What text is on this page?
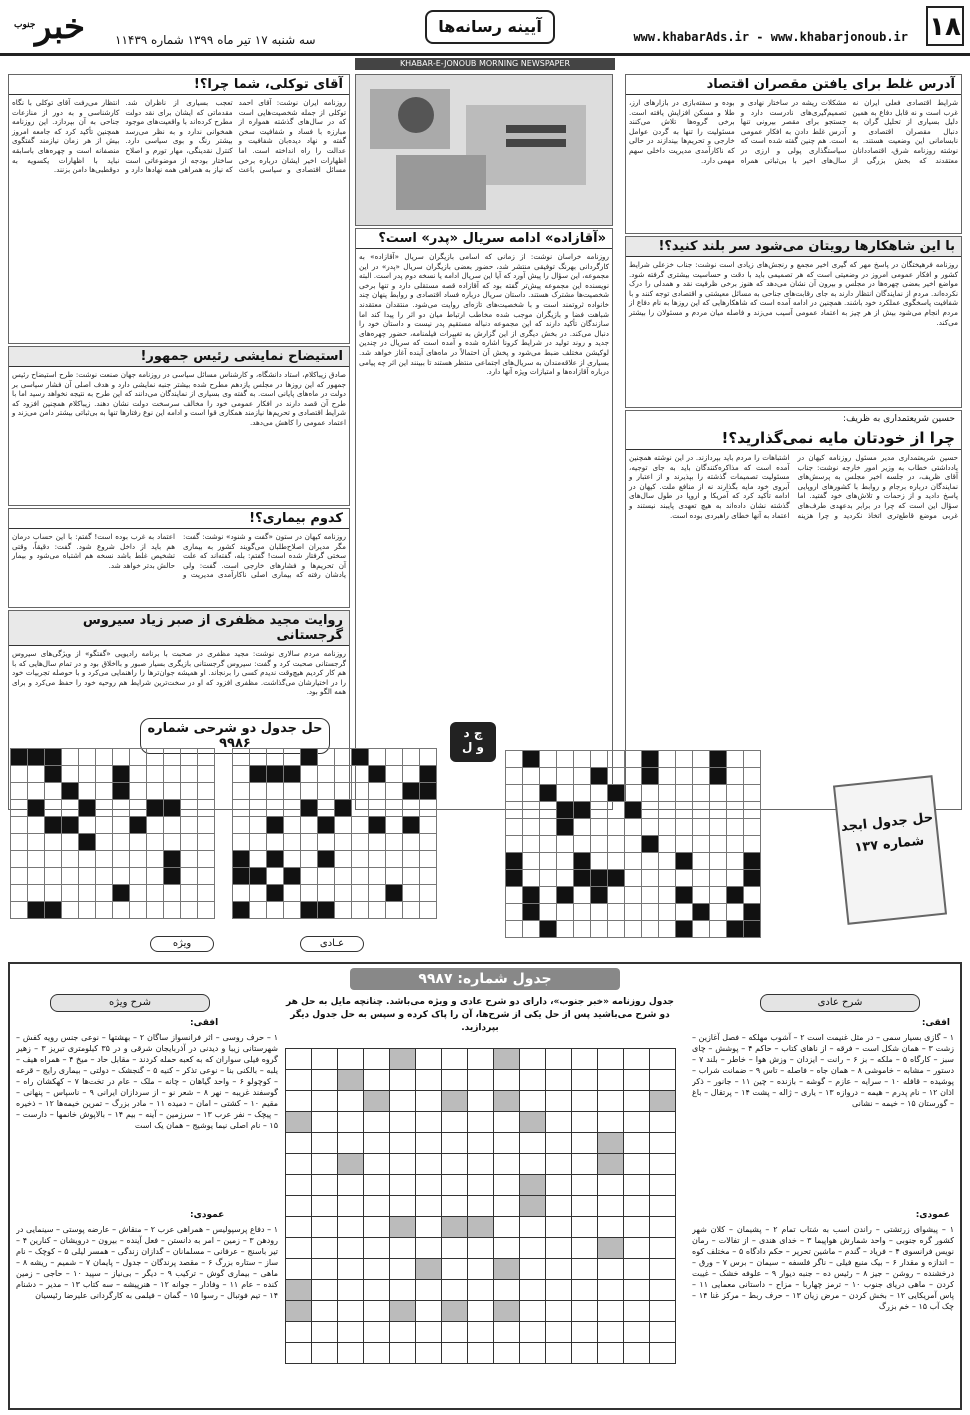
۱۸
www.khabarAds.ir - www.khabarjonoub.ir
آیینه رسانه‌ها
سه شنبه ۱۷ تیر ماه ۱۳۹۹ شماره ۱۱۴۳۹
خبر
جنوب
KHABAR-E-JONOUB MORNING NEWSPAPER
آدرس غلط برای یافتن مقصران اقتصاد
شرایط اقتصادی فعلی ایران نه غرب است و نه قابل دفاع به همین دلیل بسیاری از تحلیل گران به دنبال مقصران اقتصادی و نابسامانی این وضعیت هستند. به نوشته روزنامه شرق، اقتصاددانان معتقدند که بخش بزرگی از مشکلات ریشه در ساختار نهادی و تصمیم‌گیری‌های نادرست دارد و جستجو برای مقصر بیرونی تنها آدرس غلط دادن به افکار عمومی است. هم چنین گفته شده است که سیاستگذاری پولی و ارزی در سال‌های اخیر با بی‌ثباتی همراه بوده و سفته‌بازی در بازارهای ارز، طلا و مسکن افزایش یافته است. برخی گروه‌ها تلاش می‌کنند مسئولیت را تنها به گردن عوامل خارجی و تحریم‌ها بیندازند در حالی که ناکارآمدی مدیریت داخلی سهم مهمی دارد.
با این شاهکارها رویتان می‌شود سر بلند کنید؟!
روزنامه فرهیختگان در پاسخ مهر که گیری اخیر مجمع و رنجش‌های زیادی است نوشت: جناب خزعلی شرایط کشور و افکار عمومی امروز در وضعیتی است که هر تصمیمی باید با دقت و حساسیت بیشتری گرفته شود. مواضع اخیر بعضی چهره‌ها در مجلس و بیرون آن نشان می‌دهد که هنوز برخی ظرفیت نقد و همدلی را درک نکرده‌اند. مردم از نمایندگان انتظار دارند به جای رقابت‌های جناحی به مسائل معیشتی و اقتصادی توجه کنند و با شفافیت پاسخگوی عملکرد خود باشند. همچنین در ادامه آمده است که شاهکارهایی که این روزها به نام دفاع از مردم انجام می‌شود بیش از هر چیز به اعتماد عمومی آسیب می‌زند و فاصله میان مردم و مسئولان را بیشتر می‌کند.
حسین شریعتمداری به ظریف:
چرا از خودتان مایه نمی‌گذارید؟!
حسین شریعتمداری مدیر مسئول روزنامه کیهان در یادداشتی خطاب به وزیر امور خارجه نوشت: جناب آقای ظریف، در جلسه اخیر مجلس به پرسش‌های نمایندگان درباره برجام و روابط با کشورهای اروپایی پاسخ دادید و از زحمات و تلاش‌های خود گفتید. اما سؤال این است که چرا در برابر بدعهدی طرف‌های غربی موضع قاطع‌تری اتخاذ نکردید و چرا هزینه اشتباهات را مردم باید بپردازند. در این نوشته همچنین آمده است که مذاکره‌کنندگان باید به جای توجیه، مسئولیت تصمیمات گذشته را بپذیرند و از اعتبار و آبروی خود مایه بگذارند نه از منافع ملت. کیهان در ادامه تأکید کرد که آمریکا و اروپا در طول سال‌های گذشته نشان داده‌اند به هیچ تعهدی پایبند نیستند و اعتماد به آنها خطای راهبردی بوده است.
«آقازاده» ادامه سریال «پدر» است؟
روزنامه خراسان نوشت: از زمانی که اسامی بازیگران سریال «آقازاده» به کارگردانی بهرنگ توفیقی منتشر شد، حضور بعضی بازیگران سریال «پدر» در این مجموعه، این سؤال را پیش آورد که آیا این سریال ادامه یا نسخه دوم پدر است. البته نویسنده این مجموعه پیش‌تر گفته بود که آقازاده قصه مستقلی دارد و تنها برخی شخصیت‌ها مشترک هستند. داستان سریال درباره فساد اقتصادی و روابط پنهان چند خانواده ثروتمند است و با شخصیت‌های تازه‌ای روایت می‌شود. منتقدان معتقدند شباهت فضا و بازیگران موجب شده مخاطب ارتباط میان دو اثر را پیدا کند اما سازندگان تأکید دارند که این مجموعه دنباله مستقیم پدر نیست و داستان خود را دنبال می‌کند. در بخش دیگری از این گزارش به تغییرات فیلمنامه، حضور چهره‌های جدید و روند تولید در شرایط کرونا اشاره شده و آمده است که سریال در چندین لوکیشن مختلف ضبط می‌شود و پخش آن احتمالاً در ماه‌های آینده آغاز خواهد شد. بسیاری از علاقه‌مندان به سریال‌های اجتماعی منتظر هستند تا ببینند این اثر چه پیامی درباره آقازاده‌ها و امتیازات ویژه آنها دارد.
آقای توکلی، شما چرا؟!
روزنامه ایران نوشت: آقای احمد توکلی از جمله شخصیت‌هایی است که در سال‌های گذشته همواره از مبارزه با فساد و شفافیت سخن گفته و نهاد دیده‌بان شفافیت و عدالت را راه انداخته است. اما اظهارات اخیر ایشان درباره برخی مسائل اقتصادی و سیاسی باعث تعجب بسیاری از ناظران شد. مقدماتی که ایشان برای نقد دولت مطرح کرده‌اند با واقعیت‌های موجود همخوانی ندارد و به نظر می‌رسد بیشتر رنگ و بوی سیاسی دارد. کنترل نقدینگی، مهار تورم و اصلاح ساختار بودجه از موضوعاتی است که نیاز به همراهی همه نهادها دارد و انتظار می‌رفت آقای توکلی با نگاه کارشناسی و به دور از منازعات جناحی به آن بپردازد. این روزنامه همچنین تأکید کرد که جامعه امروز بیش از هر زمان نیازمند گفتگوی منصفانه است و چهره‌های باسابقه نباید با اظهارات یکسویه به دوقطبی‌ها دامن بزنند.
استیضاح نمایشی رئیس جمهور!
صادق زیباکلام، استاد دانشگاه، و کارشناس مسائل سیاسی در روزنامه جهان صنعت نوشت: طرح استیضاح رئیس جمهور که این روزها در مجلس یازدهم مطرح شده بیشتر جنبه نمایشی دارد و هدف اصلی آن فشار سیاسی بر دولت در ماه‌های پایانی است. به گفته وی بسیاری از نمایندگان می‌دانند که این طرح به نتیجه نخواهد رسید اما با طرح آن قصد دارند در افکار عمومی خود را مخالف سرسخت دولت نشان دهند. زیباکلام همچنین افزود که شرایط اقتصادی و تحریم‌ها نیازمند همکاری قوا است و ادامه این نوع رفتارها تنها به بی‌ثباتی بیشتر دامن می‌زند و اعتماد عمومی را کاهش می‌دهد.
کدوم بیماری؟!
روزنامه کیهان در ستون «گفت و شنود» نوشت: گفت: مگر مدیران اصلاح‌طلبان می‌گویند کشور به بیماری سختی گرفتار شده است! گفتم: بله، گفته‌اند که علت آن تحریم‌ها و فشارهای خارجی است. گفت: ولی یادشان رفته که بیماری اصلی ناکارآمدی مدیریت و اعتماد به غرب بوده است! گفتم: با این حساب درمان هم باید از داخل شروع شود. گفت: دقیقاً، وقتی تشخیص غلط باشد نسخه هم اشتباه می‌شود و بیمار حالش بدتر خواهد شد.
روایت مجید مظفری از صبر زیاد سیروس گرجستانی
روزنامه مردم سالاری نوشت: مجید مظفری در صحبت با برنامه رادیویی «گفتگو» از ویژگی‌های سیروس گرجستانی صحبت کرد و گفت: سیروس گرجستانی بازیگری بسیار صبور و بااخلاق بود و در تمام سال‌هایی که با هم کار کردیم هیچ‌وقت ندیدم کسی را برنجاند. او همیشه جوان‌ترها را راهنمایی می‌کرد و با حوصله تجربیات خود را در اختیارشان می‌گذاشت. مظفری افزود که او در سخت‌ترین شرایط هم روحیه خود را حفظ می‌کرد و برای همه الگو بود.
چ د
و ل
حل جدول ابجد شماره ۱۳۷

حل جدول دو شرحی شماره ۹۹۸۶

عـادی
ویژه
جدول شماره: ۹۹۸۷
جدول روزنامه «خبر جنوب»، دارای دو شرح عادی و ویژه می‌باشد. چنانچه مایل به حل هر دو شرح می‌باشید پس از حل یکی از شرح‌ها، آن را پاک کرده و سپس به حل جدول دیگر بپردازید.
شرح ویژه
افقی:
۱ – حرف روسی – اثر فرانسواز ساگان ۲ – بهشتها – نوعی جنس رویه کفش – شهرستانی زیبا و دیدنی در آذربایجان شرقی و در ۳۵ کیلومتری تبریز ۳ – زهیر گروه فیلی سواران که به کعبه حمله کردند – مقابل حاد – میخ ۴ – همراه هیف – یلبه – بالکنی بنا – نوعی تذکر – کنیه ۵ – گنجشک – دولتی – بیماری رایج – قرعه – کوچولو ۶ – واحد گیاهان – چانه – ملک – عام در تخت‌ها ۷ – کهکشان راه – گوسفند غریبه – نهر ۸ – شعر نو – از سردازان ایرانی ۹ – ناسپاس – پنهانی – مقیم ۱۰ – کشتی – امان – دمیده ۱۱ – مادر بزرگ – تمرین خیمه‌ها ۱۲ – ذخیره – پیچک – نفر عرب ۱۳ – سرزمین – آینه – بیم ۱۴ – بالاپوش خانمها – دارست – ۱۵ – نام اصلی نیما یوشیج – همان یک است
عمودی:
۱ – دفاع پرسپولیس – همراهی عرب ۲ – منقاش – عارضه پوستی – سینمایی در رودهن ۳ – زمین – امر به دانستن – فعل آینده – بیرون – درویشان – کنارین ۴ – تیر باسنج – عرفانی – مسلمانان – گدازان زندگی – همسر لیلی ۵ – کوچک – نام ساز – ستاره بزرگ ۶ – مقصد پرندگان – جدول – پایمان ۷ – شمیم – ریشه ۸ – ماهی – بیماری گوش – ترکیب ۹ – دیگر – بی‌نیاز – سپید ۱۰ – حاجی – زمین کنده – عام ۱۱ – وفادار – جوانه ۱۲ – هنرپیشه – سه کتاب ۱۳ – مدیر – دشنام ۱۴ – تیم فوتبال – رسوا ۱۵ – گمان – فیلمی به کارگردانی علیرضا رئیسیان
شرح عادی
افقی:
۱ – گازی بسیار سمی – در مثل غنیمت است ۲ – آشوب مهلکه – فصل آغازین – زشت ۳ – همان شکل است – فرقه – از ناهای کتاب – حاکم ۴ – پوشش – چای سبز – کارگاه ۵ – ملکه – بز ۶ – رانت – ایزدان – وزش هوا – خاطر – بلند ۷ – دستور – مشابه – خاموشی ۸ – همان جاه – فاصله – تاس ۹ – ضمانت شراب – پوشیده – قافله ۱۰ – سرایه – عازم – گوشه – بازنده – چین ۱۱ – جانور – ذکر اذان ۱۲ – نام پدرم – هیمه – دروازه ۱۳ – یاری – ژاله – پشت ۱۴ – پرتقال – باغ – گورستان ۱۵ – خیمه – نشانی
عمودی:
۱ – پیشوای زرتشتی – راندن اسب به شتاب تمام ۲ – پشیمان – کلان شهر کشور گره جنوبی – واحد شمارش هواپیما ۳ – خدای هندی – از تفالات – رمان نویس فرانسوی ۴ – فریاد – گندم – ماشین تحریر – حکم دادگاه ۵ – مختلف کوه – اندازه و مقدار ۶ – بیک منبع فیلی – ناگر فلسفه – سیمان – برس ۷ – ورق – درخشنده – روشن – جیز ۸ – رئیس ده – جنبه دیوار ۹ – علوفه خشک – غیبت کردن – ماهی دریای جنوب ۱۰ – ترمز چهاربا – مزاح – داستانی معمایی ۱۱ – پاس آمریکایی ۱۲ – بخش کردن – مرض زیان ۱۳ – حرف ربط – مرکز غنا ۱۴ – چک آب ۱۵ – خم بزرگ
